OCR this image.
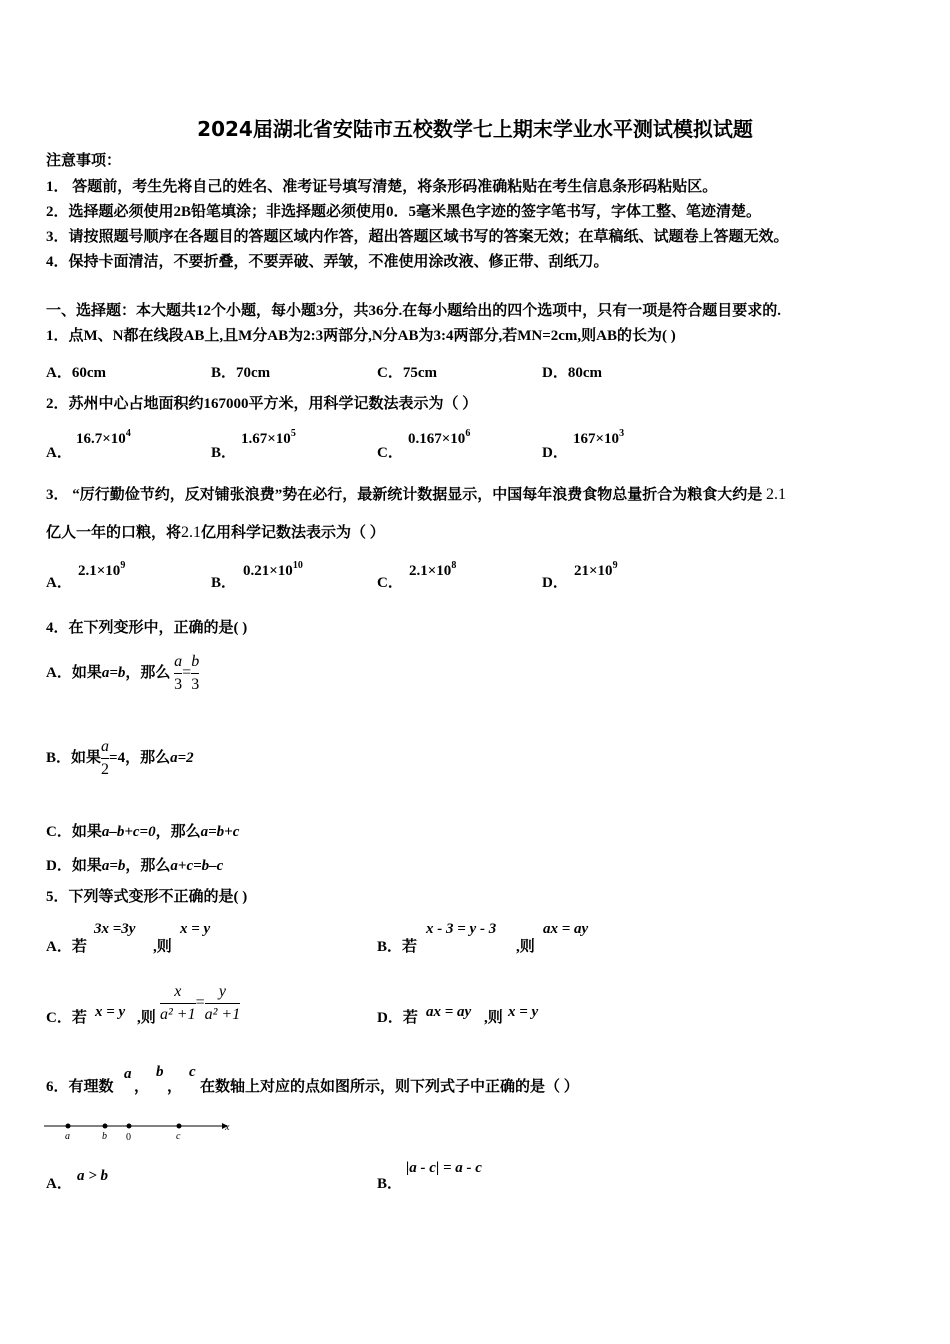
2024届湖北省安陆市五校数学七上期末学业水平测试模拟试题
注意事项：
1． 答题前，考生先将自己的姓名、准考证号填写清楚，将条形码准确粘贴在考生信息条形码粘贴区。
2．选择题必须使用2B铅笔填涂；非选择题必须使用0．5毫米黑色字迹的签字笔书写，字体工整、笔迹清楚。
3．请按照题号顺序在各题目的答题区域内作答，超出答题区域书写的答案无效；在草稿纸、试题卷上答题无效。
4．保持卡面清洁，不要折叠，不要弄破、弄皱，不准使用涂改液、修正带、刮纸刀。
一、选择题：本大题共12个小题，每小题3分，共36分.在每小题给出的四个选项中，只有一项是符合题目要求的.
1．点M、N都在线段AB上,且M分AB为2:3两部分,N分AB为3:4两部分,若MN=2cm,则AB的长为( )
A．60cm	B．70cm	C．75cm	D．80cm
2．苏州中心占地面积约167000平方米，用科学记数法表示为（ ）
A．
$16.7\times 10^4$
B．
$1.67\times 10^5$
C．
$0.167\times 10^6$
D．
$167\times 10^3$
3． “厉行勤俭节约，反对铺张浪费”势在必行，最新统计数据显示，中国每年浪费食物总量折合为粮食大约是 2.1
亿人一年的口粮，将2.1亿用科学记数法表示为（ ）
A．
$2.1\times 10^9$
B．
$0.21\times 10^{10}$
C．
$2.1\times 10^8$
D．
$21\times 10^9$
4．在下列变形中，正确的是( )
A．如果a=b，那么 $\frac{a}{3} = \frac{b}{3}$
B．如果 $\frac{a}{2} =4$，那么a=2
C．如果a–b+c=0，那么a=b+c
D．如果a=b，那么a+c=b–c
5．下列等式变形不正确的是( )
A．若
3x =3y
,则
x = y
B．若
x - 3 = y - 3
,则
ax = ay
C．若 x = y ,则 $\frac{x}{\text{a² +1}} = \frac{y}{\text{a² +1}}$	D．若 ax = ay ,则 x = y
6．有理数
a
，
b
，
c
在数轴上对应的点如图所示，则下列式子中正确的是（ ）
a	b 0	c
x
A． a > b	B．
|a - c| = a - c
